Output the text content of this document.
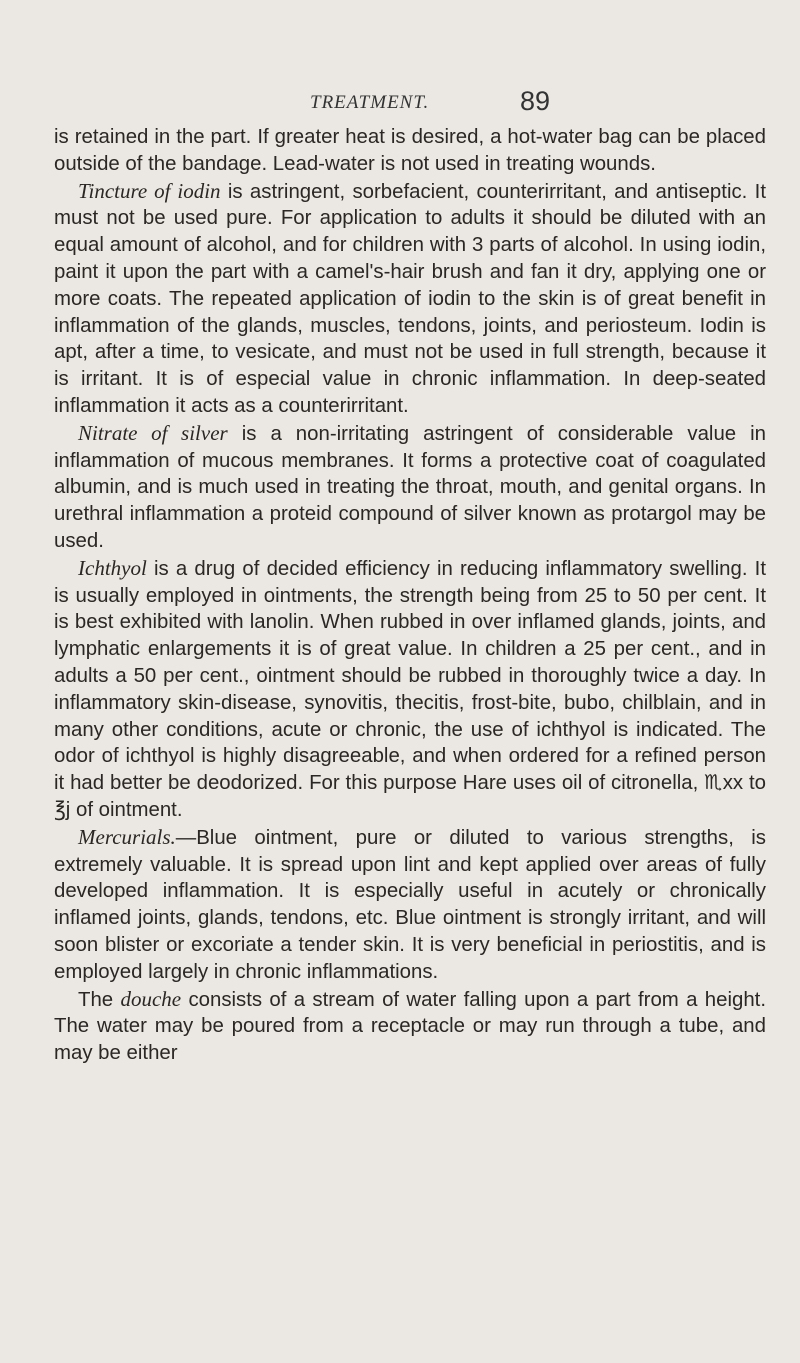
TREATMENT.	89

is retained in the part. If greater heat is desired, a hot-water bag can be placed outside of the bandage. Lead-water is not used in treating wounds.

Tincture of iodin is astringent, sorbefacient, counterirritant, and antiseptic. It must not be used pure. For application to adults it should be diluted with an equal amount of alcohol, and for children with 3 parts of alcohol. In using iodin, paint it upon the part with a camel's-hair brush and fan it dry, applying one or more coats. The repeated application of iodin to the skin is of great benefit in inflammation of the glands, muscles, tendons, joints, and periosteum. Iodin is apt, after a time, to vesicate, and must not be used in full strength, because it is irritant. It is of especial value in chronic inflammation. In deep-seated inflammation it acts as a counterirritant.

Nitrate of silver is a non-irritating astringent of considerable value in inflammation of mucous membranes. It forms a protective coat of coagulated albumin, and is much used in treating the throat, mouth, and genital organs. In urethral inflammation a proteid compound of silver known as protargol may be used.

Ichthyol is a drug of decided efficiency in reducing inflammatory swelling. It is usually employed in ointments, the strength being from 25 to 50 per cent. It is best exhibited with lanolin. When rubbed in over inflamed glands, joints, and lymphatic enlargements it is of great value. In children a 25 per cent., and in adults a 50 per cent., ointment should be rubbed in thoroughly twice a day. In inflammatory skin-disease, synovitis, thecitis, frost-bite, bubo, chilblain, and in many other conditions, acute or chronic, the use of ichthyol is indicated. The odor of ichthyol is highly disagreeable, and when ordered for a refined person it had better be deodorized. For this purpose Hare uses oil of citronella, ♏xx to ℥j of ointment.

Mercurials.—Blue ointment, pure or diluted to various strengths, is extremely valuable. It is spread upon lint and kept applied over areas of fully developed inflammation. It is especially useful in acutely or chronically inflamed joints, glands, tendons, etc. Blue ointment is strongly irritant, and will soon blister or excoriate a tender skin. It is very beneficial in periostitis, and is employed largely in chronic inflammations.

The douche consists of a stream of water falling upon a part from a height. The water may be poured from a receptacle or may run through a tube, and may be either
